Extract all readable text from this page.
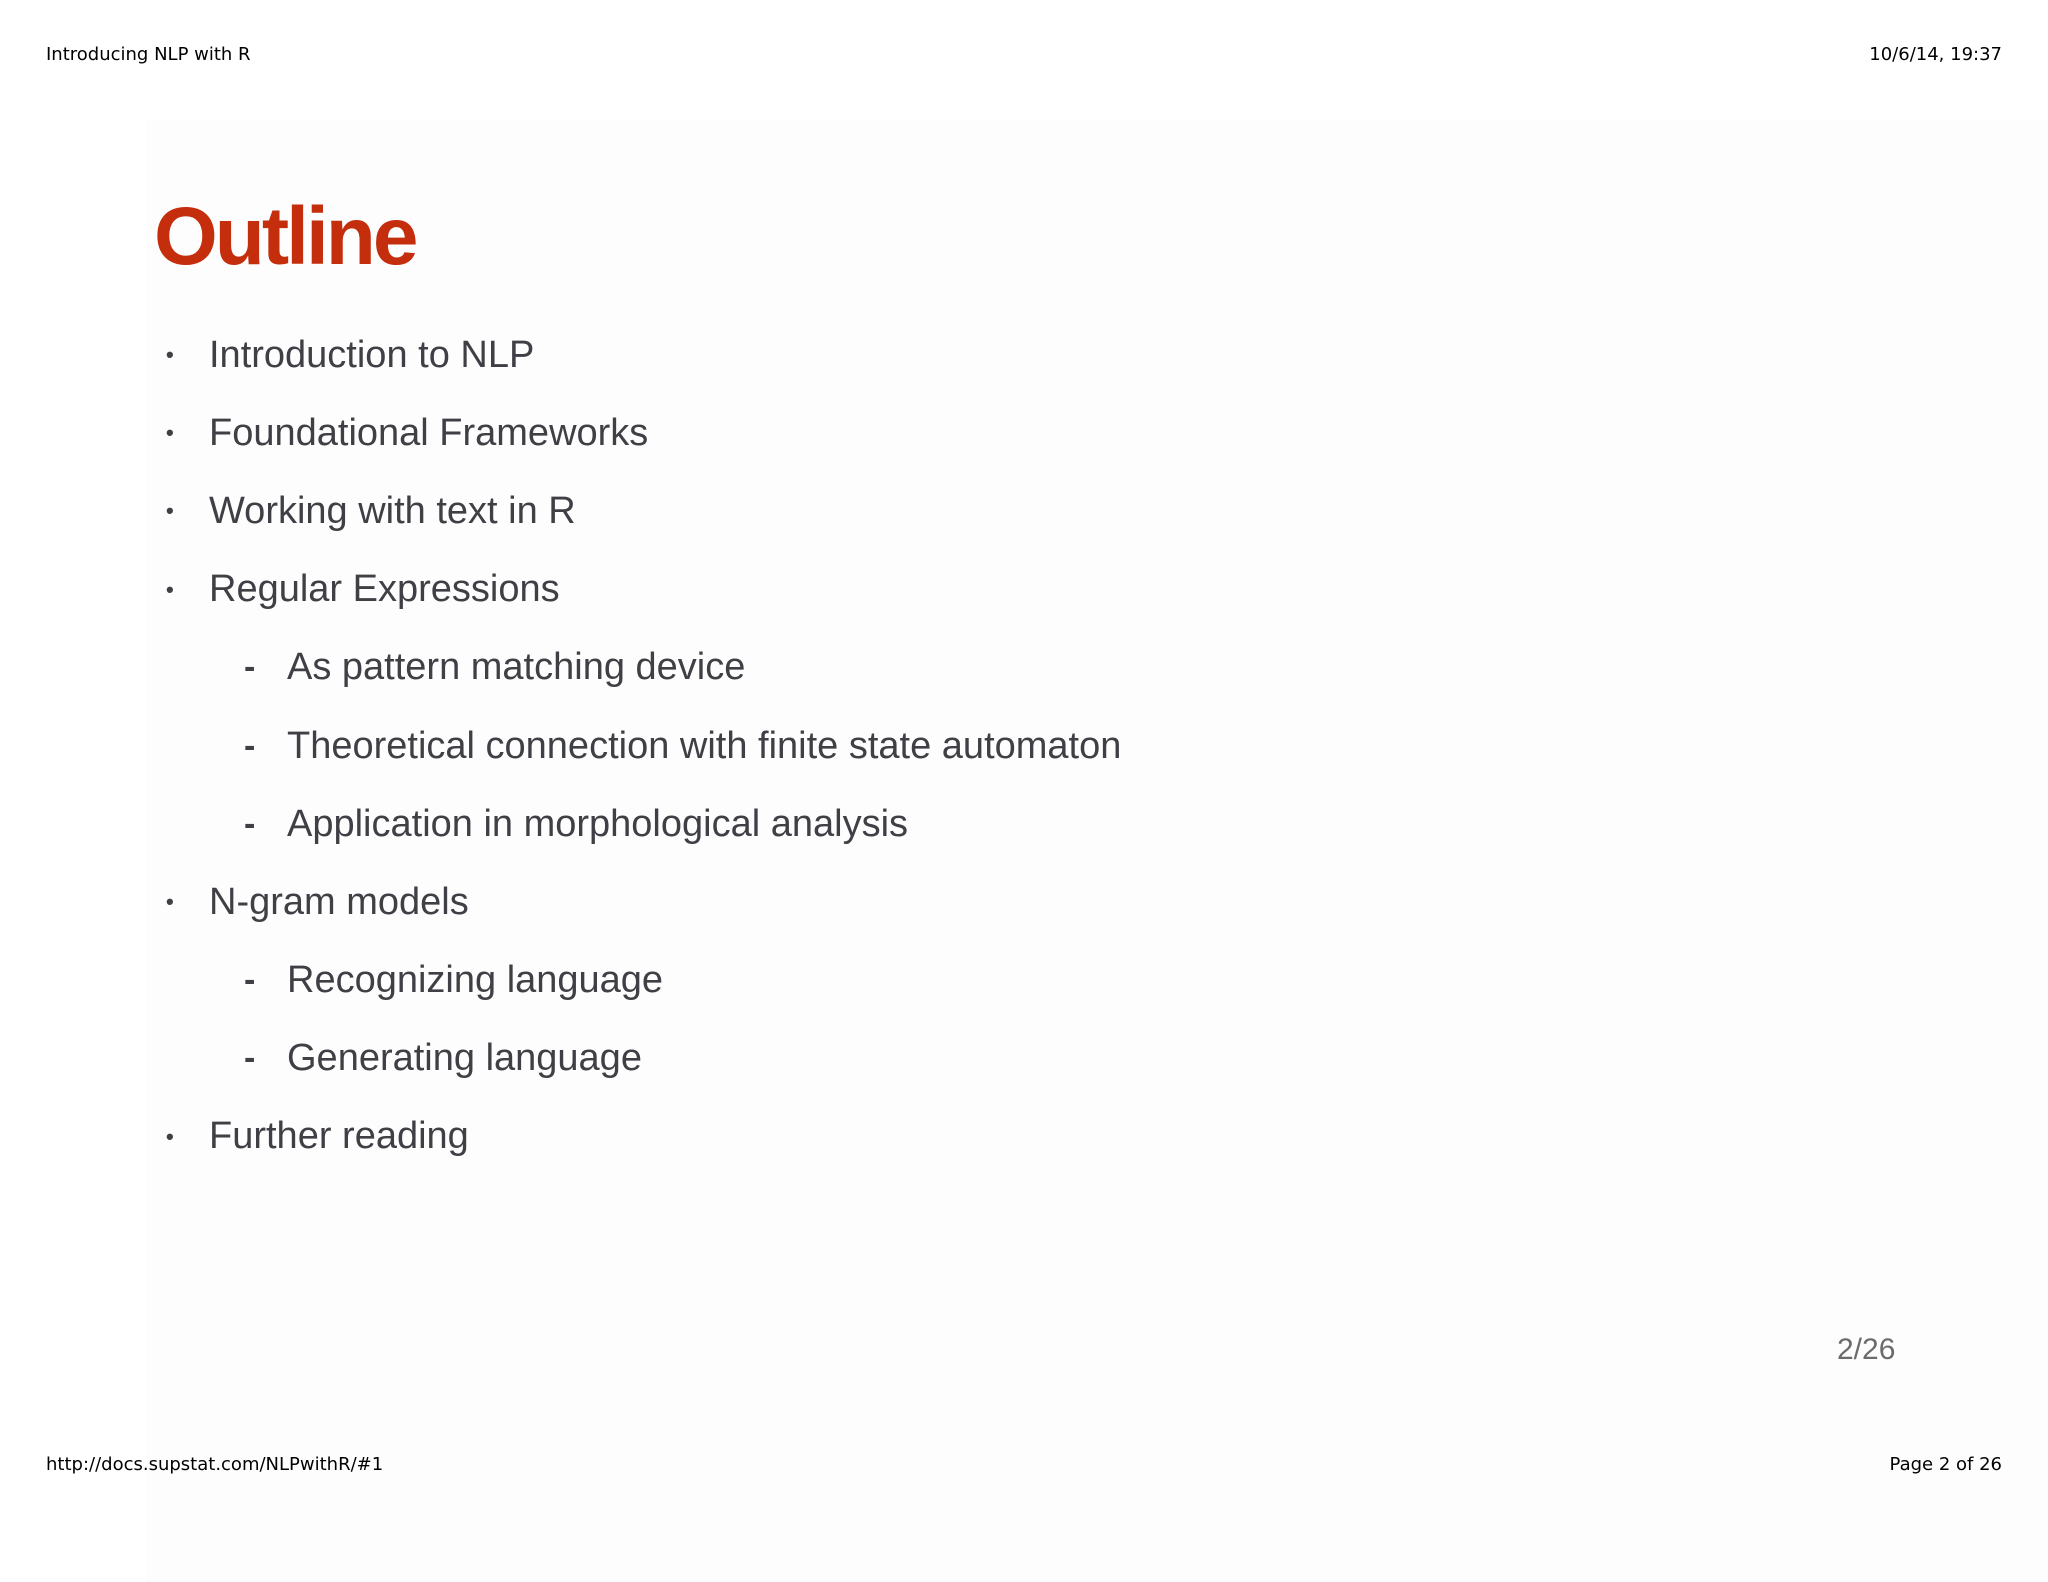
Introducing NLP with R	10/6/14, 19:37
Outline
• Introduction to NLP
• Foundational Frameworks
• Working with text in R
• Regular Expressions
- As pattern matching device
- Theoretical connection with finite state automaton
- Application in morphological analysis
• N-gram models
- Recognizing language
- Generating language
• Further reading
2/26
http://docs.supstat.com/NLPwithR/#1	Page 2 of 26
